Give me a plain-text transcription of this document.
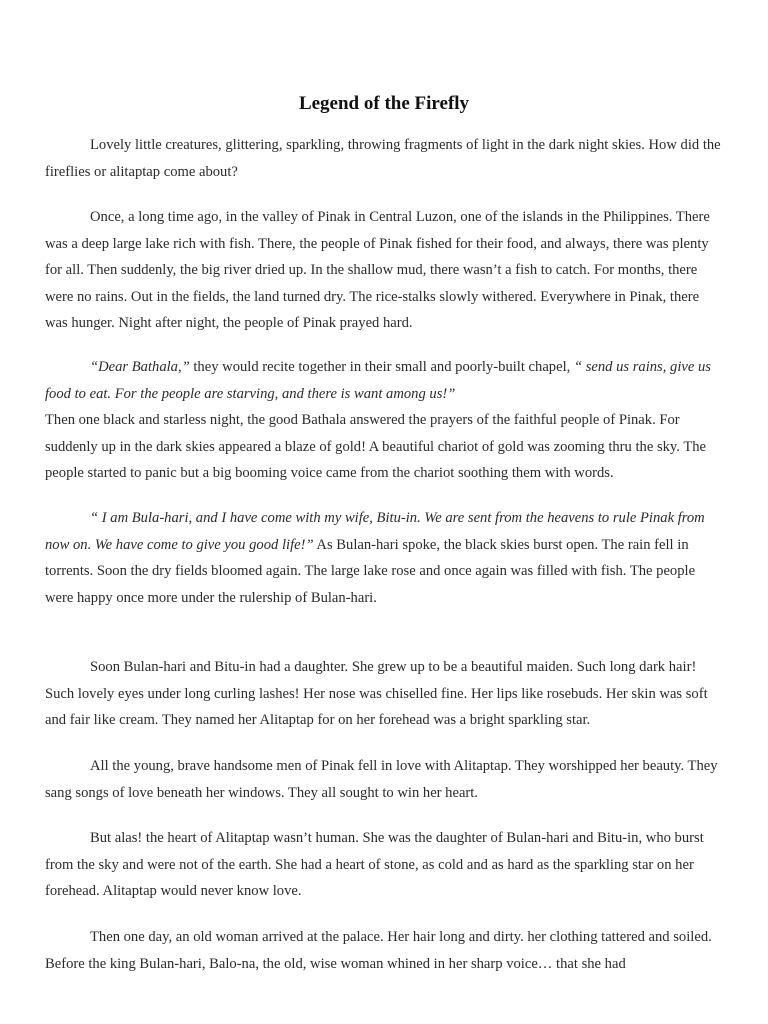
Legend of the Firefly

Lovely little creatures, glittering, sparkling, throwing fragments of light in the dark night skies. How did the fireflies or alitaptap come about?

Once, a long time ago, in the valley of Pinak in Central Luzon, one of the islands in the Philippines. There was a deep large lake rich with fish. There, the people of Pinak fished for their food, and always, there was plenty for all. Then suddenly, the big river dried up. In the shallow mud, there wasn’t a fish to catch. For months, there were no rains. Out in the fields, the land turned dry. The rice-stalks slowly withered. Everywhere in Pinak, there was hunger. Night after night, the people of Pinak prayed hard.

“Dear Bathala,” they would recite together in their small and poorly-built chapel, “ send us rains, give us food to eat. For the people are starving, and there is want among us!”

Then one black and starless night, the good Bathala answered the prayers of the faithful people of Pinak. For suddenly up in the dark skies appeared a blaze of gold! A beautiful chariot of gold was zooming thru the sky. The people started to panic but a big booming voice came from the chariot soothing them with words.

“ I am Bula-hari, and I have come with my wife, Bitu-in. We are sent from the heavens to rule Pinak from now on. We have come to give you good life!” As Bulan-hari spoke, the black skies burst open. The rain fell in torrents. Soon the dry fields bloomed again. The large lake rose and once again was filled with fish. The people were happy once more under the rulership of Bulan-hari.

Soon Bulan-hari and Bitu-in had a daughter. She grew up to be a beautiful maiden. Such long dark hair! Such lovely eyes under long curling lashes! Her nose was chiselled fine. Her lips like rosebuds. Her skin was soft and fair like cream. They named her Alitaptap for on her forehead was a bright sparkling star.

All the young, brave handsome men of Pinak fell in love with Alitaptap. They worshipped her beauty. They sang songs of love beneath her windows. They all sought to win her heart.

But alas! the heart of Alitaptap wasn’t human. She was the daughter of Bulan-hari and Bitu-in, who burst from the sky and were not of the earth. She had a heart of stone, as cold and as hard as the sparkling star on her forehead. Alitaptap would never know love.

Then one day, an old woman arrived at the palace. Her hair long and dirty. her clothing tattered and soiled. Before the king Bulan-hari, Balo-na, the old, wise woman whined in her sharp voice… that she had
